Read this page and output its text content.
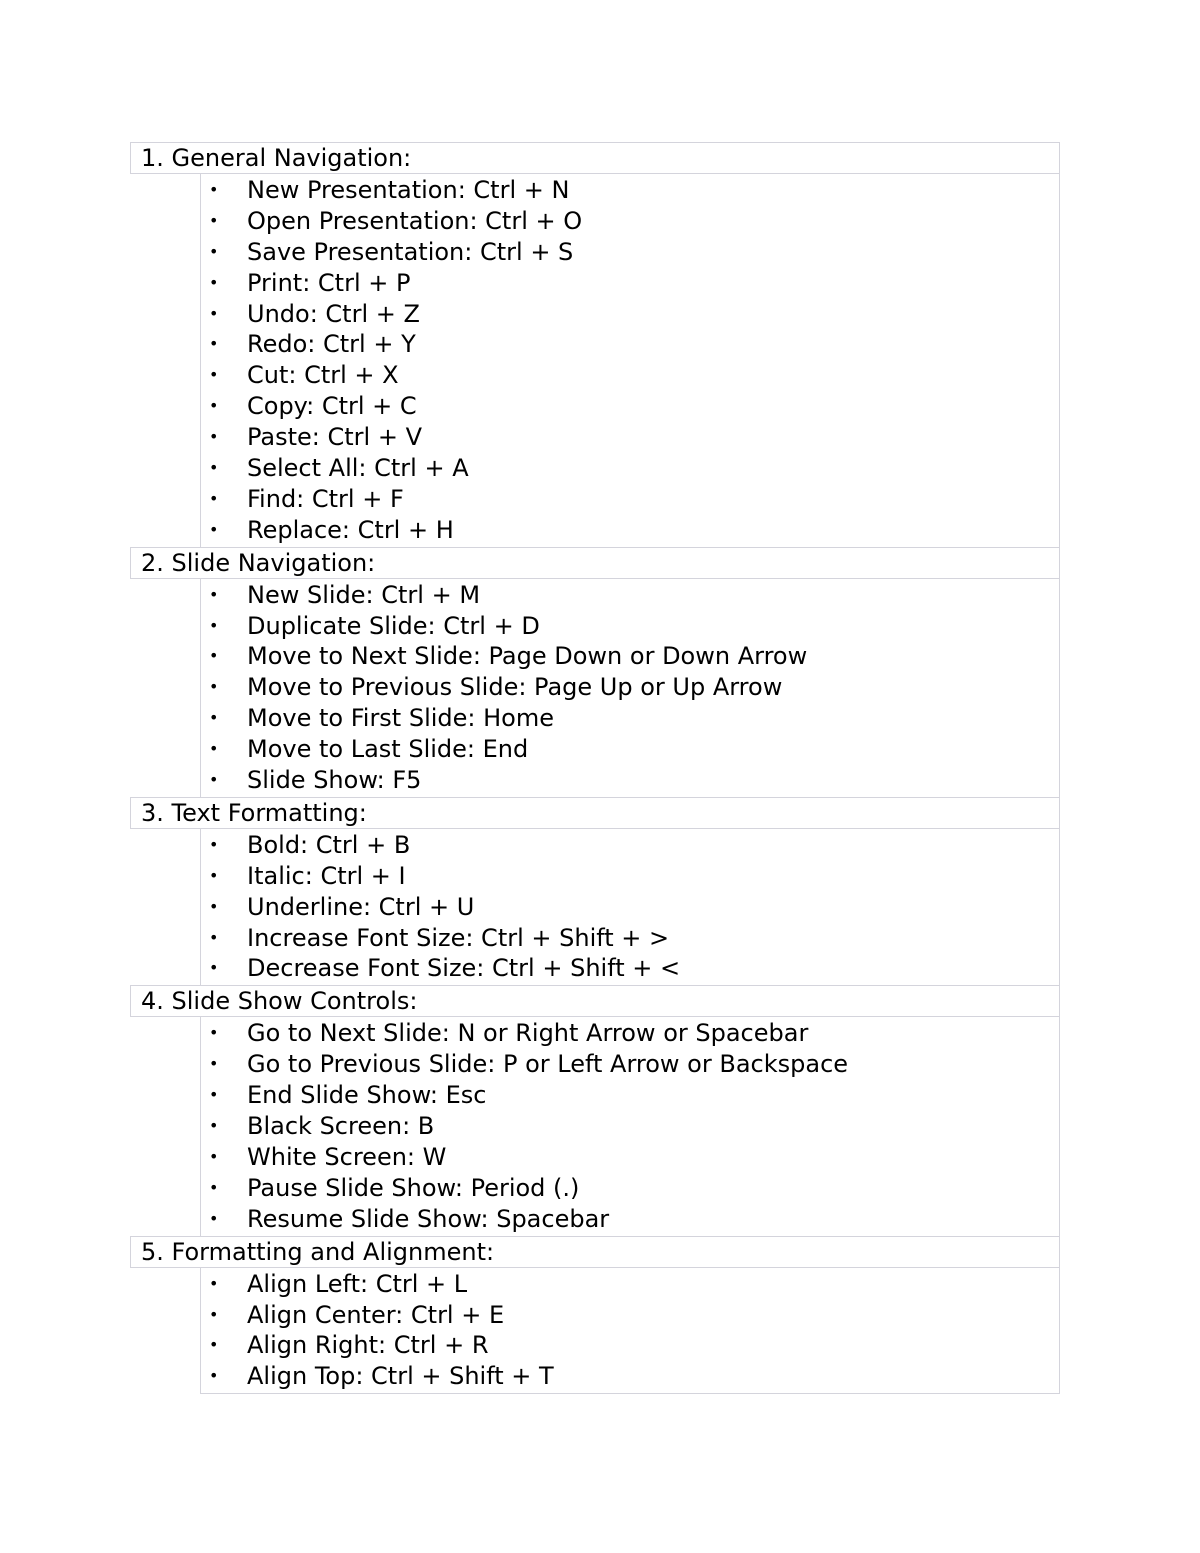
1. General Navigation:
• New Presentation: Ctrl + N
• Open Presentation: Ctrl + O
• Save Presentation: Ctrl + S
• Print: Ctrl + P
• Undo: Ctrl + Z
• Redo: Ctrl + Y
• Cut: Ctrl + X
• Copy: Ctrl + C
• Paste: Ctrl + V
• Select All: Ctrl + A
• Find: Ctrl + F
• Replace: Ctrl + H
2. Slide Navigation:
• New Slide: Ctrl + M
• Duplicate Slide: Ctrl + D
• Move to Next Slide: Page Down or Down Arrow
• Move to Previous Slide: Page Up or Up Arrow
• Move to First Slide: Home
• Move to Last Slide: End
• Slide Show: F5
3. Text Formatting:
• Bold: Ctrl + B
• Italic: Ctrl + I
• Underline: Ctrl + U
• Increase Font Size: Ctrl + Shift + >
• Decrease Font Size: Ctrl + Shift + <
4. Slide Show Controls:
• Go to Next Slide: N or Right Arrow or Spacebar
• Go to Previous Slide: P or Left Arrow or Backspace
• End Slide Show: Esc
• Black Screen: B
• White Screen: W
• Pause Slide Show: Period (.)
• Resume Slide Show: Spacebar
5. Formatting and Alignment:
• Align Left: Ctrl + L
• Align Center: Ctrl + E
• Align Right: Ctrl + R
• Align Top: Ctrl + Shift + T
